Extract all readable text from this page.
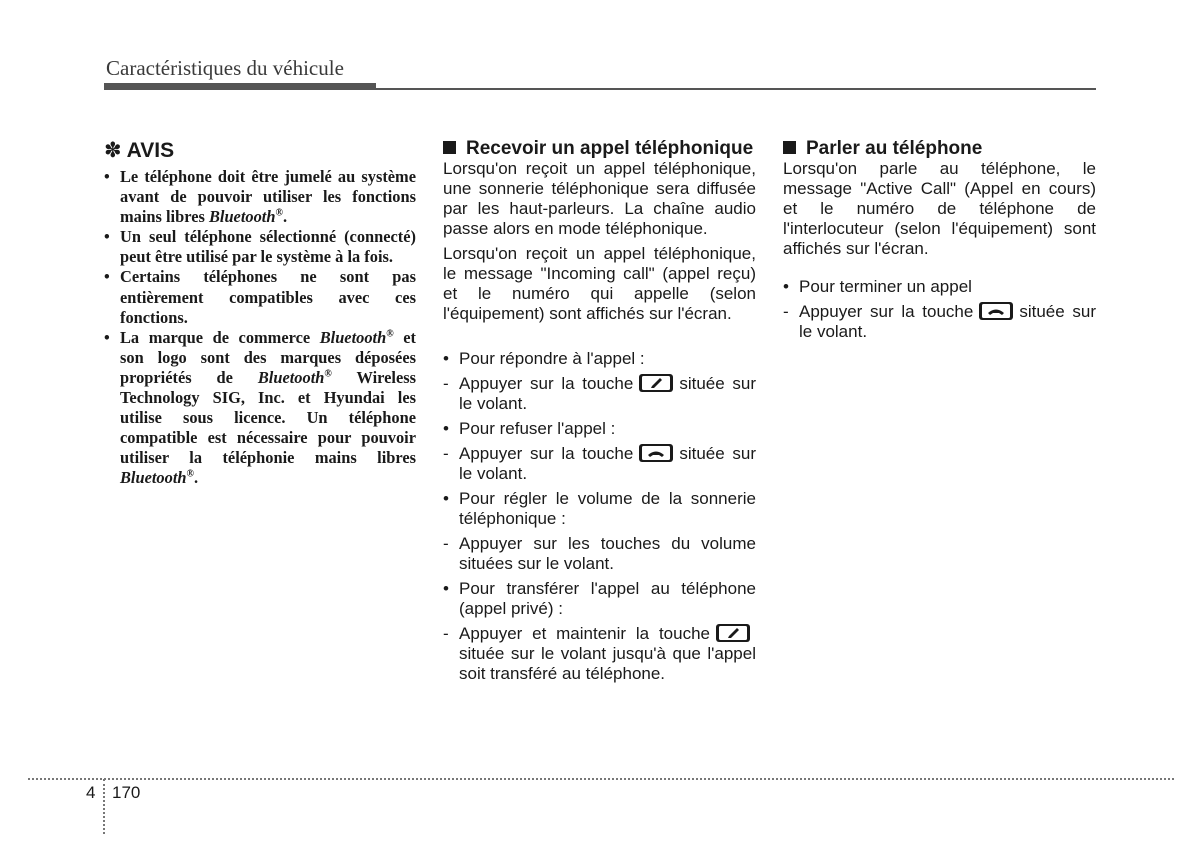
Caractéristiques du véhicule
✽ AVIS
• Le téléphone doit être jumelé au système avant de pouvoir utiliser les fonctions mains libres Bluetooth®.
• Un seul téléphone sélectionné (connecté) peut être utilisé par le système à la fois.
• Certains téléphones ne sont pas entièrement compatibles avec ces fonctions.
• La marque de commerce Bluetooth® et son logo sont des marques déposées propriétés de Bluetooth® Wireless Technology SIG, Inc. et Hyundai les utilise sous licence. Un téléphone compatible est nécessaire pour pouvoir utiliser la téléphonie mains libres Bluetooth®.
Recevoir un appel téléphonique

Lorsqu'on reçoit un appel téléphonique, une sonnerie téléphonique sera diffusée par les haut-parleurs. La chaîne audio passe alors en mode téléphonique.

Lorsqu'on reçoit un appel téléphonique, le message "Incoming call" (appel reçu) et le numéro qui appelle (selon l'équipement) sont affichés sur l'écran.

• Pour répondre à l'appel :
- Appuyer sur la touche	située sur le volant.
• Pour refuser l'appel :
- Appuyer sur la touche	située sur le volant.
• Pour régler le volume de la sonnerie téléphonique :
- Appuyer sur les touches du volume situées sur le volant.
• Pour transférer l'appel au téléphone (appel privé) :
- Appuyer et maintenir la touche
située sur le volant jusqu'à que l'appel soit transféré au téléphone.
Parler au téléphone

Lorsqu'on parle au téléphone, le message "Active Call" (Appel en cours) et le numéro de téléphone de l'interlocuteur (selon l'équipement) sont affichés sur l'écran.

• Pour terminer un appel
- Appuyer sur la touche	située sur le volant.
4 170
